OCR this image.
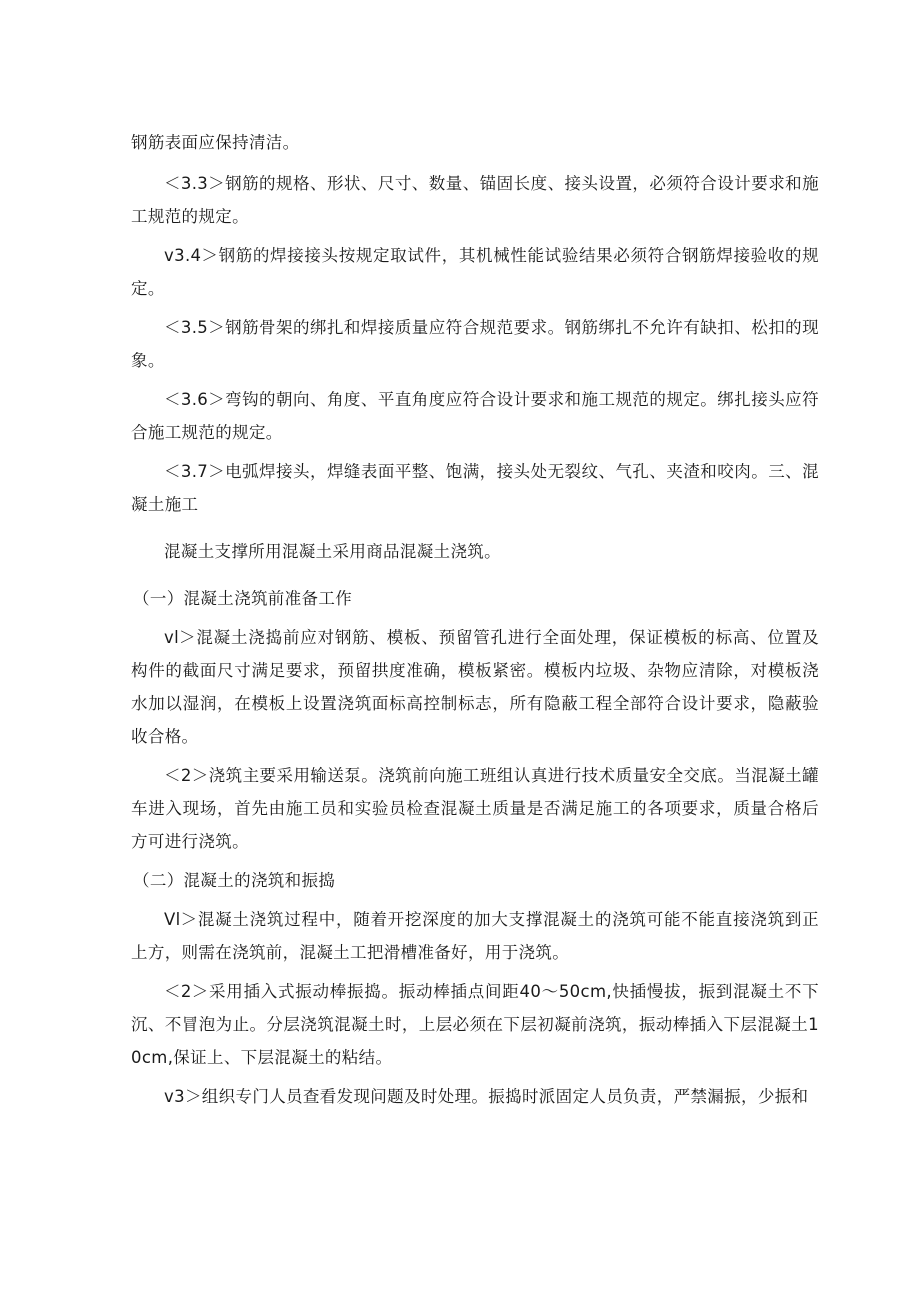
钢筋表面应保持清洁。

＜3.3＞钢筋的规格、形状、尺寸、数量、锚固长度、接头设置，必须符合设计要求和施工规范的规定。

v3.4＞钢筋的焊接接头按规定取试件，其机械性能试验结果必须符合钢筋焊接验收的规定。

＜3.5＞钢筋骨架的绑扎和焊接质量应符合规范要求。钢筋绑扎不允许有缺扣、松扣的现象。

＜3.6＞弯钩的朝向、角度、平直角度应符合设计要求和施工规范的规定。绑扎接头应符合施工规范的规定。

＜3.7＞电弧焊接头，焊缝表面平整、饱满，接头处无裂纹、气孔、夹渣和咬肉。三、混凝土施工

混凝土支撑所用混凝土采用商品混凝土浇筑。

（一）混凝土浇筑前准备工作

vl＞混凝土浇捣前应对钢筋、模板、预留管孔进行全面处理，保证模板的标高、位置及构件的截面尺寸满足要求，预留拱度准确，模板紧密。模板内垃圾、杂物应清除，对模板浇水加以湿润，在模板上设置浇筑面标高控制标志，所有隐蔽工程全部符合设计要求，隐蔽验收合格。

＜2＞浇筑主要采用输送泵。浇筑前向施工班组认真进行技术质量安全交底。当混凝土罐车进入现场，首先由施工员和实验员检查混凝土质量是否满足施工的各项要求，质量合格后方可进行浇筑。

（二）混凝土的浇筑和振捣

Vl＞混凝土浇筑过程中，随着开挖深度的加大支撑混凝土的浇筑可能不能直接浇筑到正上方，则需在浇筑前，混凝土工把滑槽准备好，用于浇筑。

＜2＞采用插入式振动棒振捣。振动棒插点间距40～50cm,快插慢拔，振到混凝土不下沉、不冒泡为止。分层浇筑混凝土时，上层必须在下层初凝前浇筑，振动棒插入下层混凝土10cm,保证上、下层混凝土的粘结。

v3＞组织专门人员查看发现问题及时处理。振捣时派固定人员负责，严禁漏振，少振和
